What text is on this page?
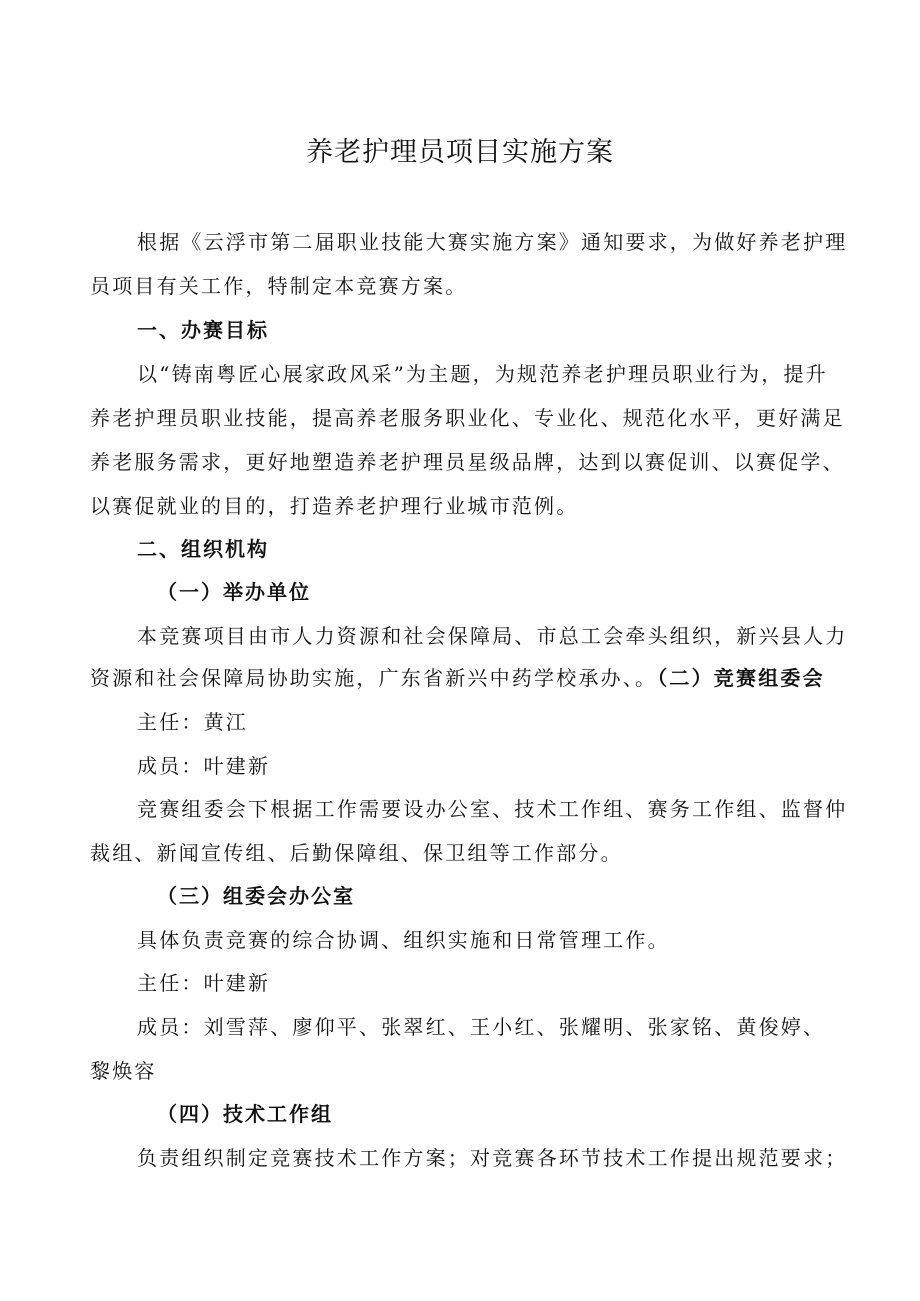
养老护理员项目实施方案
根据《云浮市第二届职业技能大赛实施方案》通知要求，为做好养老护理
员项目有关工作，特制定本竞赛方案。
一、办赛目标
以“铸南粤匠心展家政风采”为主题，为规范养老护理员职业行为，提升
养老护理员职业技能，提高养老服务职业化、专业化、规范化水平，更好满足
养老服务需求，更好地塑造养老护理员星级品牌，达到以赛促训、以赛促学、
以赛促就业的目的，打造养老护理行业城市范例。
二、组织机构
（一）举办单位
本竞赛项目由市人力资源和社会保障局、市总工会牵头组织，新兴县人力
资源和社会保障局协助实施，广东省新兴中药学校承办、。（二）竞赛组委会
主任：黄江
成员：叶建新
竞赛组委会下根据工作需要设办公室、技术工作组、赛务工作组、监督仲
裁组、新闻宣传组、后勤保障组、保卫组等工作部分。
（三）组委会办公室
具体负责竞赛的综合协调、组织实施和日常管理工作。
主任：叶建新
成员：刘雪萍、廖仰平、张翠红、王小红、张耀明、张家铭、黄俊婷、
黎焕容
（四）技术工作组
负责组织制定竞赛技术工作方案；对竞赛各环节技术工作提出规范要求；
